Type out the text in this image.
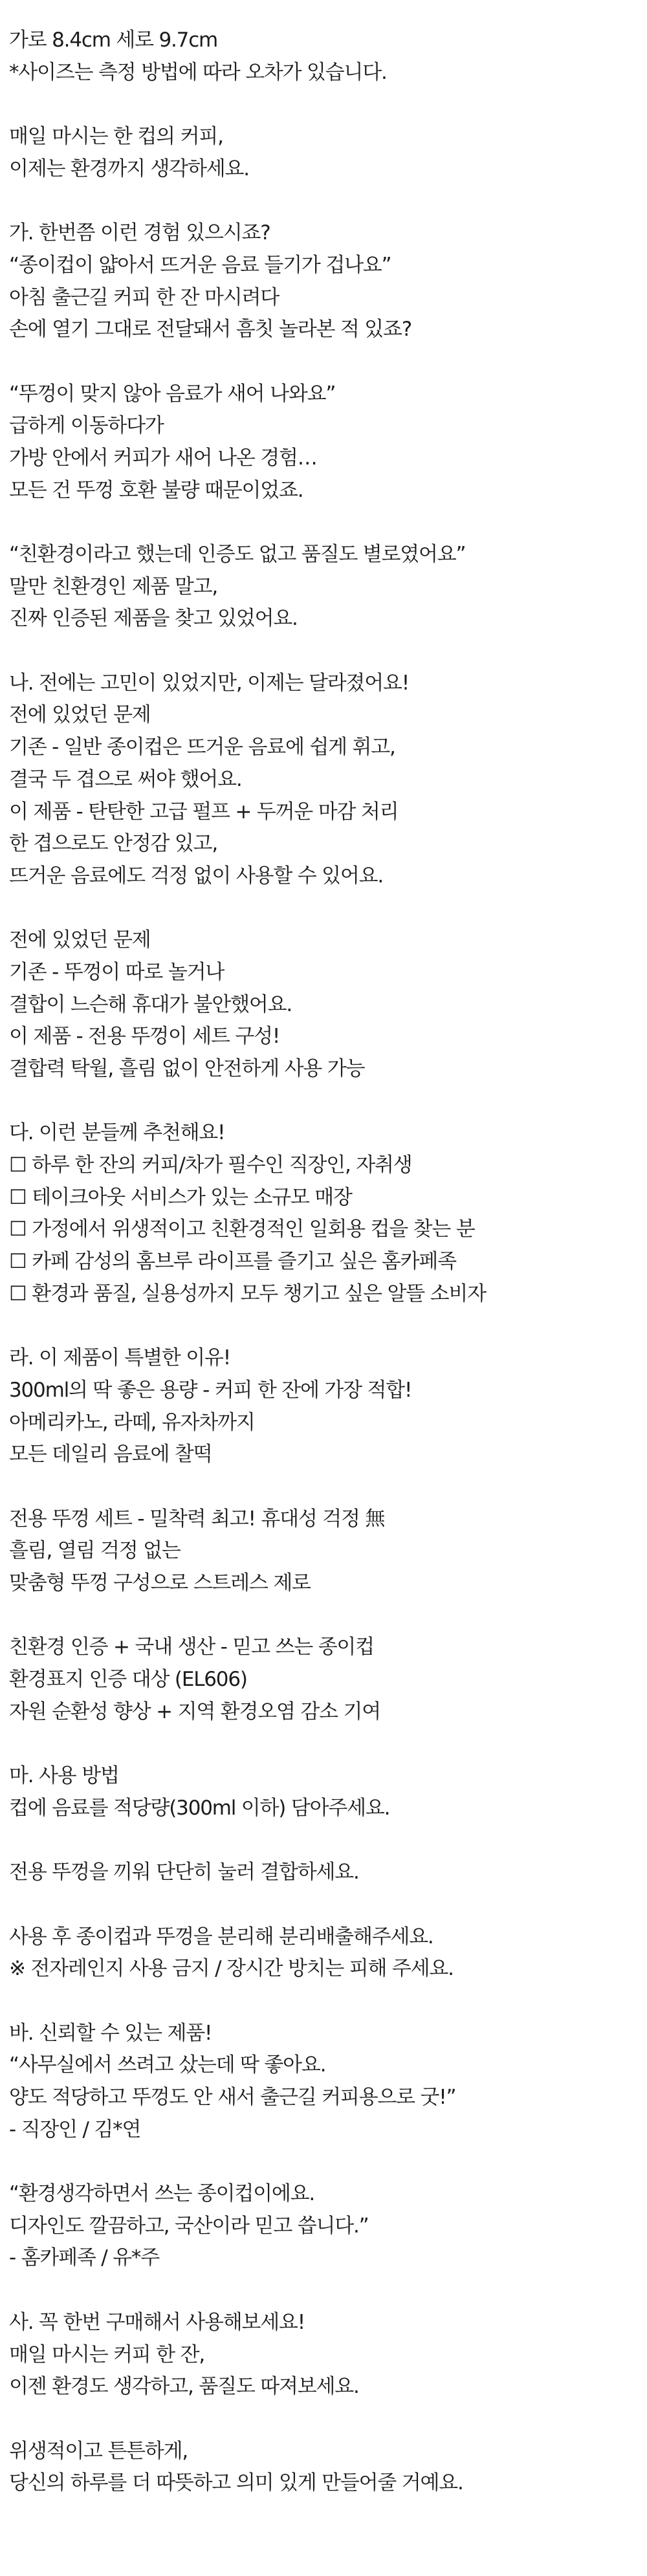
가로 8.4cm 세로 9.7cm
*사이즈는 측정 방법에 따라 오차가 있습니다.
매일 마시는 한 컵의 커피,
이제는 환경까지 생각하세요.
가. 한번쯤 이런 경험 있으시죠?
“종이컵이 얇아서 뜨거운 음료 들기가 겁나요”
아침 출근길 커피 한 잔 마시려다
손에 열기 그대로 전달돼서 흠칫 놀라본 적 있죠?
“뚜껑이 맞지 않아 음료가 새어 나와요”
급하게 이동하다가
가방 안에서 커피가 새어 나온 경험…
모든 건 뚜껑 호환 불량 때문이었죠.
“친환경이라고 했는데 인증도 없고 품질도 별로였어요”
말만 친환경인 제품 말고,
진짜 인증된 제품을 찾고 있었어요.
나. 전에는 고민이 있었지만, 이제는 달라졌어요!
전에 있었던 문제
기존 - 일반 종이컵은 뜨거운 음료에 쉽게 휘고,
결국 두 겹으로 써야 했어요.
이 제품 - 탄탄한 고급 펄프 + 두꺼운 마감 처리
한 겹으로도 안정감 있고,
뜨거운 음료에도 걱정 없이 사용할 수 있어요.
전에 있었던 문제
기존 - 뚜껑이 따로 놀거나
결합이 느슨해 휴대가 불안했어요.
이 제품 - 전용 뚜껑이 세트 구성!
결합력 탁월, 흘림 없이 안전하게 사용 가능
다. 이런 분들께 추천해요!
☐ 하루 한 잔의 커피/차가 필수인 직장인, 자취생
☐ 테이크아웃 서비스가 있는 소규모 매장
☐ 가정에서 위생적이고 친환경적인 일회용 컵을 찾는 분
☐ 카페 감성의 홈브루 라이프를 즐기고 싶은 홈카페족
☐ 환경과 품질, 실용성까지 모두 챙기고 싶은 알뜰 소비자
라. 이 제품이 특별한 이유!
300ml의 딱 좋은 용량 - 커피 한 잔에 가장 적합!
아메리카노, 라떼, 유자차까지
모든 데일리 음료에 찰떡
전용 뚜껑 세트 - 밀착력 최고! 휴대성 걱정 無
흘림, 열림 걱정 없는
맞춤형 뚜껑 구성으로 스트레스 제로
친환경 인증 + 국내 생산 - 믿고 쓰는 종이컵
환경표지 인증 대상 (EL606)
자원 순환성 향상 + 지역 환경오염 감소 기여
마. 사용 방법
컵에 음료를 적당량(300ml 이하) 담아주세요.
전용 뚜껑을 끼워 단단히 눌러 결합하세요.
사용 후 종이컵과 뚜껑을 분리해 분리배출해주세요.
※ 전자레인지 사용 금지 / 장시간 방치는 피해 주세요.
바. 신뢰할 수 있는 제품!
“사무실에서 쓰려고 샀는데 딱 좋아요.
양도 적당하고 뚜껑도 안 새서 출근길 커피용으로 굿!”
- 직장인 / 김*연
“환경생각하면서 쓰는 종이컵이에요.
디자인도 깔끔하고, 국산이라 믿고 씁니다.”
- 홈카페족 / 유*주
사. 꼭 한번 구매해서 사용해보세요!
매일 마시는 커피 한 잔,
이젠 환경도 생각하고, 품질도 따져보세요.
위생적이고 튼튼하게,
당신의 하루를 더 따뜻하고 의미 있게 만들어줄 거예요.
